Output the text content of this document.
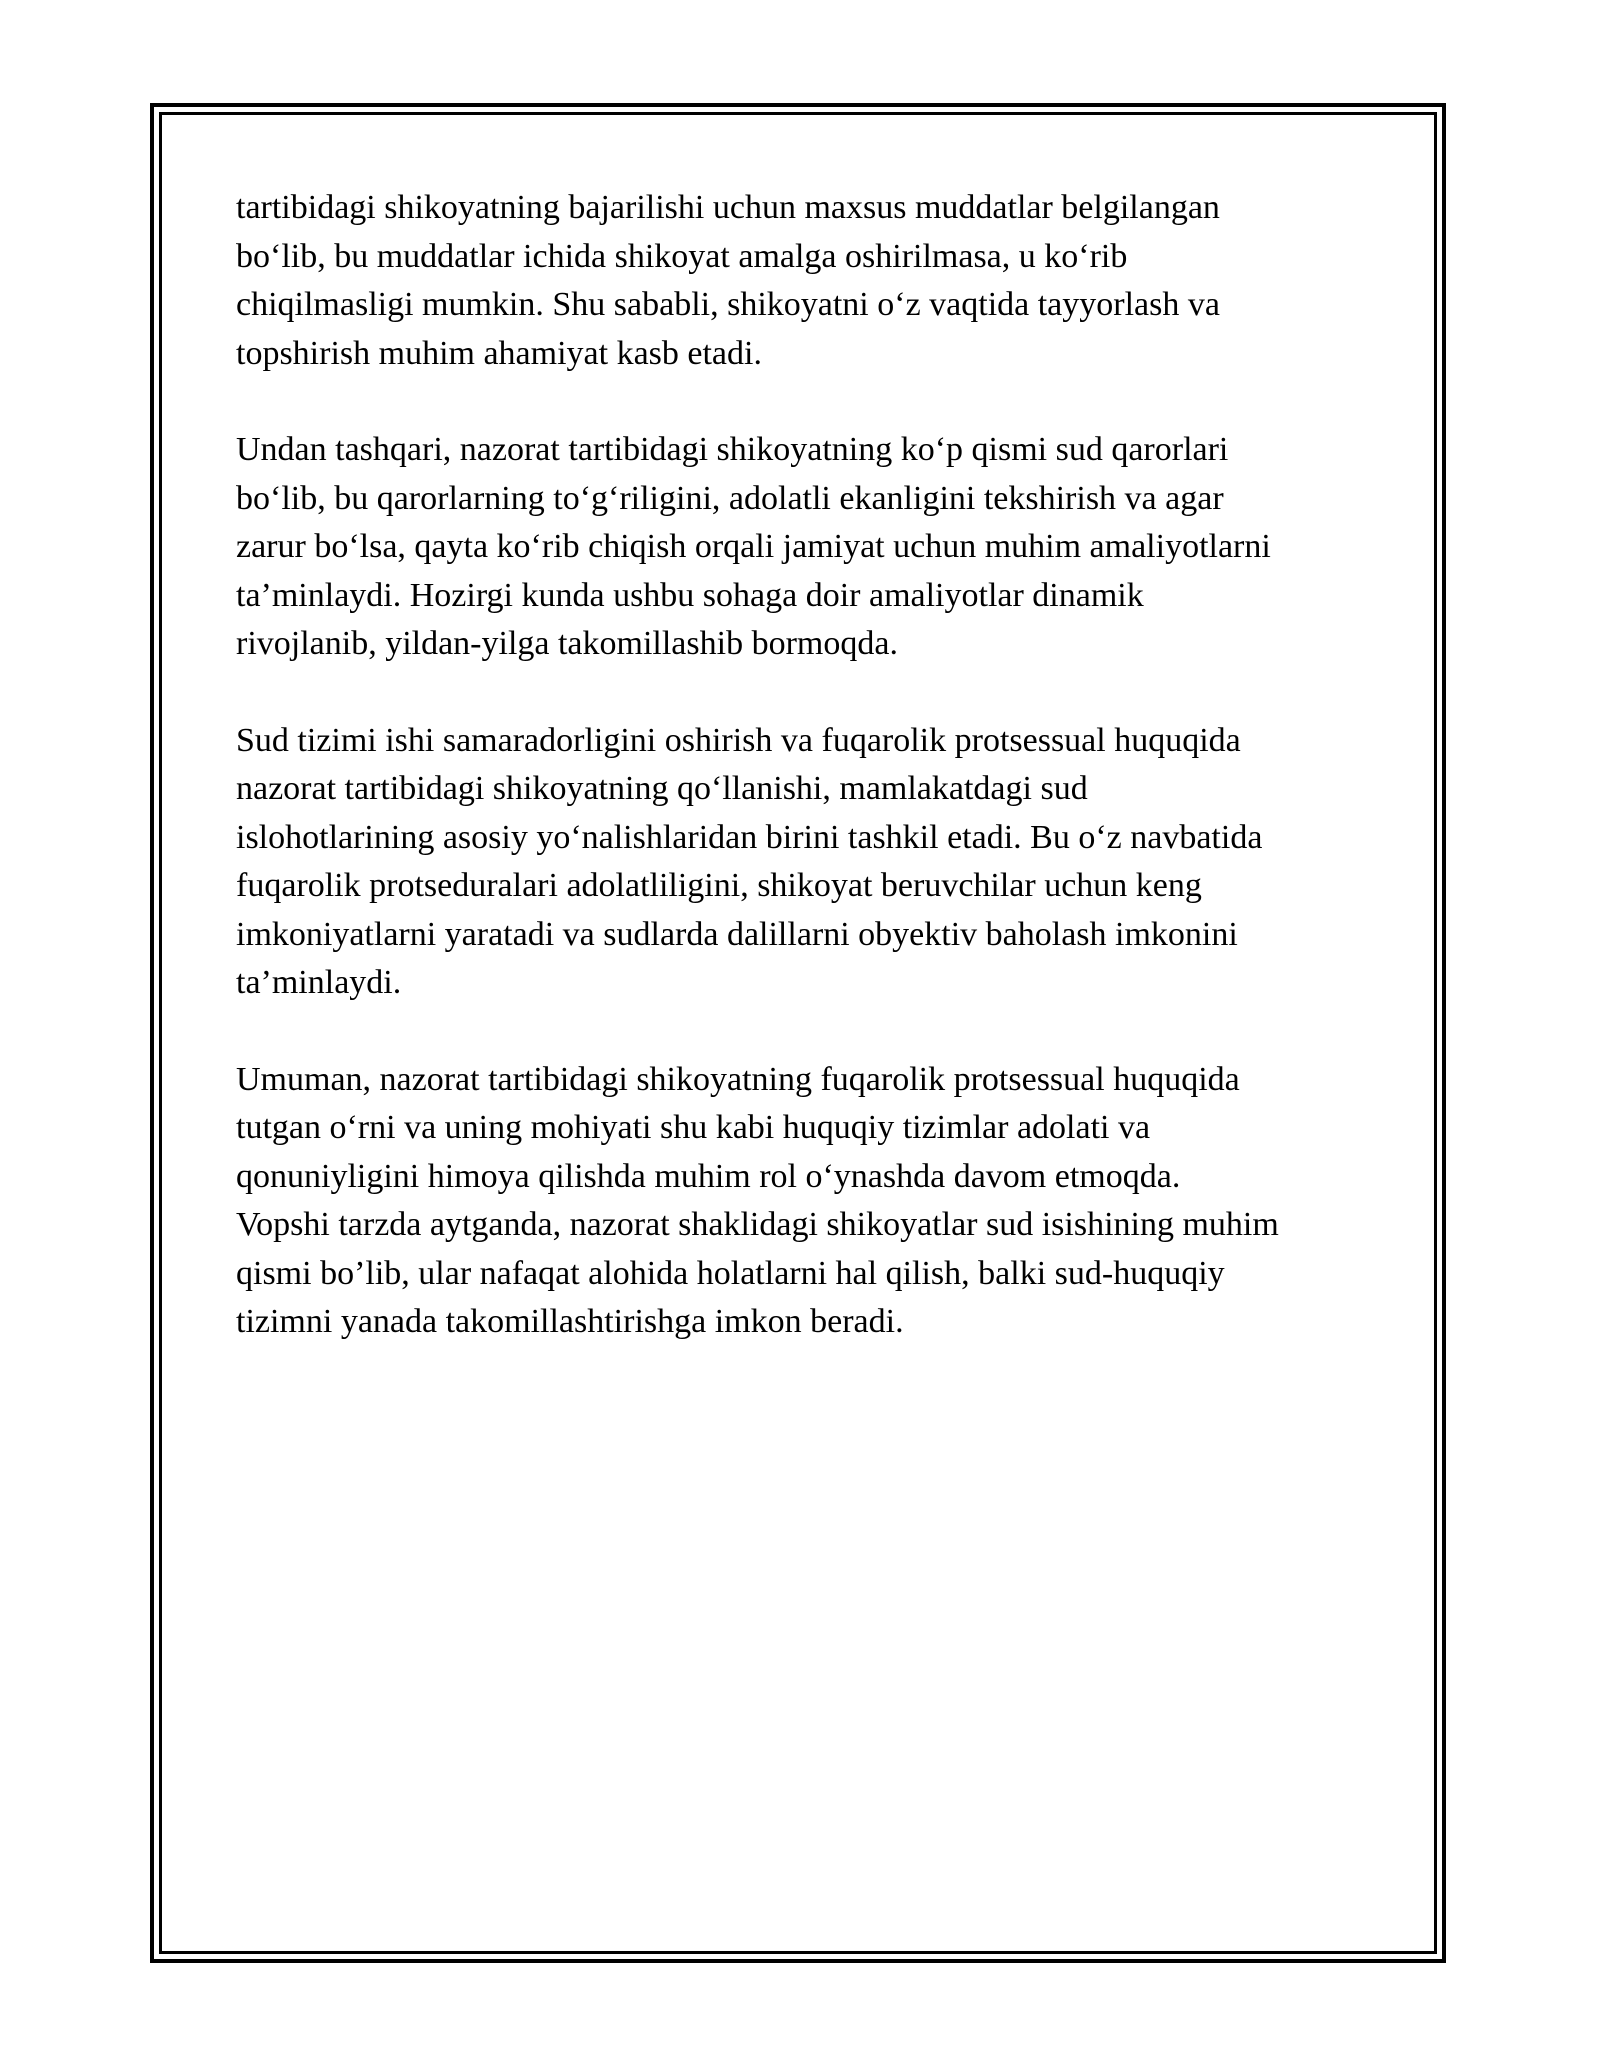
tartibidagi shikoyatning bajarilishi uchun maxsus muddatlar belgilangan
bo‘lib, bu muddatlar ichida shikoyat amalga oshirilmasa, u ko‘rib
chiqilmasligi mumkin. Shu sababli, shikoyatni o‘z vaqtida tayyorlash va
topshirish muhim ahamiyat kasb etadi.

Undan tashqari, nazorat tartibidagi shikoyatning ko‘p qismi sud qarorlari
bo‘lib, bu qarorlarning to‘g‘riligini, adolatli ekanligini tekshirish va agar
zarur bo‘lsa, qayta ko‘rib chiqish orqali jamiyat uchun muhim amaliyotlarni
ta’minlaydi. Hozirgi kunda ushbu sohaga doir amaliyotlar dinamik
rivojlanib, yildan-yilga takomillashib bormoqda.

Sud tizimi ishi samaradorligini oshirish va fuqarolik protsessual huquqida
nazorat tartibidagi shikoyatning qo‘llanishi, mamlakatdagi sud
islohotlarining asosiy yo‘nalishlaridan birini tashkil etadi. Bu o‘z navbatida
fuqarolik protseduralari adolatliligini, shikoyat beruvchilar uchun keng
imkoniyatlarni yaratadi va sudlarda dalillarni obyektiv baholash imkonini
ta’minlaydi.

Umuman, nazorat tartibidagi shikoyatning fuqarolik protsessual huquqida
tutgan o‘rni va uning mohiyati shu kabi huquqiy tizimlar adolati va
qonuniyligini himoya qilishda muhim rol o‘ynashda davom etmoqda.
Vopshi tarzda aytganda, nazorat shaklidagi shikoyatlar sud isishining muhim
qismi bo’lib, ular nafaqat alohida holatlarni hal qilish, balki sud-huquqiy
tizimni yanada takomillashtirishga imkon beradi.
